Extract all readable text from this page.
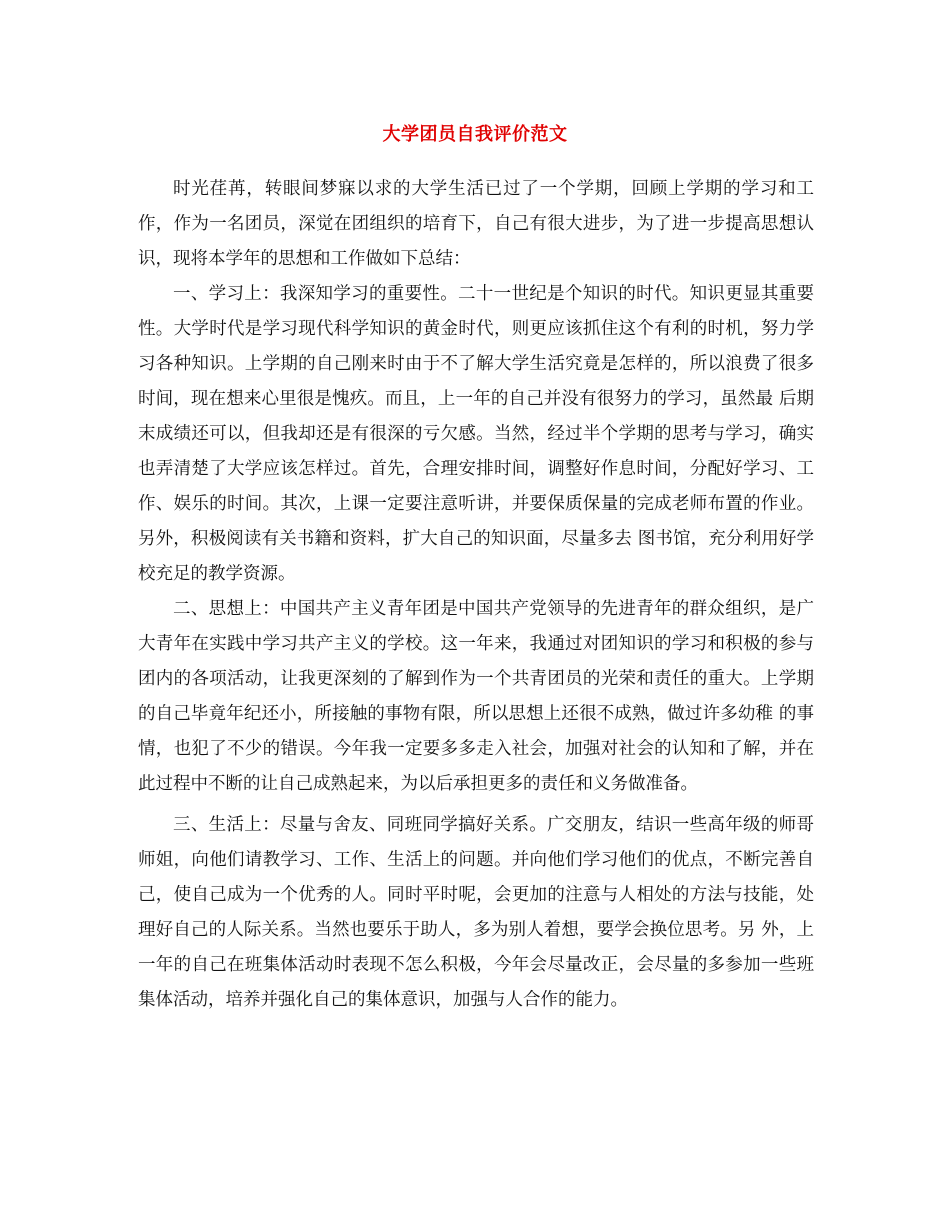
大学团员自我评价范文

时光荏苒，转眼间梦寐以求的大学生活已过了一个学期，回顾上学期的学习和工作，作为一名团员，深觉在团组织的培育下，自己有很大进步，为了进一步提高思想认识，现将本学年的思想和工作做如下总结：

一、学习上：我深知学习的重要性。二十一世纪是个知识的时代。知识更显其重要性。大学时代是学习现代科学知识的黄金时代，则更应该抓住这个有利的时机，努力学习各种知识。上学期的自己刚来时由于不了解大学生活究竟是怎样的，所以浪费了很多时间，现在想来心里很是愧疚。而且，上一年的自己并没有很努力的学习，虽然最 后期末成绩还可以，但我却还是有很深的亏欠感。当然，经过半个学期的思考与学习，确实也弄清楚了大学应该怎样过。首先，合理安排时间，调整好作息时间，分配好学习、工作、娱乐的时间。其次，上课一定要注意听讲，并要保质保量的完成老师布置的作业。另外，积极阅读有关书籍和资料，扩大自己的知识面，尽量多去 图书馆，充分利用好学校充足的教学资源。

二、思想上：中国共产主义青年团是中国共产党领导的先进青年的群众组织，是广大青年在实践中学习共产主义的学校。这一年来，我通过对团知识的学习和积极的参与团内的各项活动，让我更深刻的了解到作为一个共青团员的光荣和责任的重大。上学期的自己毕竟年纪还小，所接触的事物有限，所以思想上还很不成熟，做过许多幼稚 的事情，也犯了不少的错误。今年我一定要多多走入社会，加强对社会的认知和了解，并在此过程中不断的让自己成熟起来，为以后承担更多的责任和义务做准备。

三、生活上：尽量与舍友、同班同学搞好关系。广交朋友，结识一些高年级的师哥师姐，向他们请教学习、工作、生活上的问题。并向他们学习他们的优点，不断完善自己，使自己成为一个优秀的人。同时平时呢，会更加的注意与人相处的方法与技能，处理好自己的人际关系。当然也要乐于助人，多为别人着想，要学会换位思考。另 外，上一年的自己在班集体活动时表现不怎么积极，今年会尽量改正，会尽量的多参加一些班集体活动，培养并强化自己的集体意识，加强与人合作的能力。
